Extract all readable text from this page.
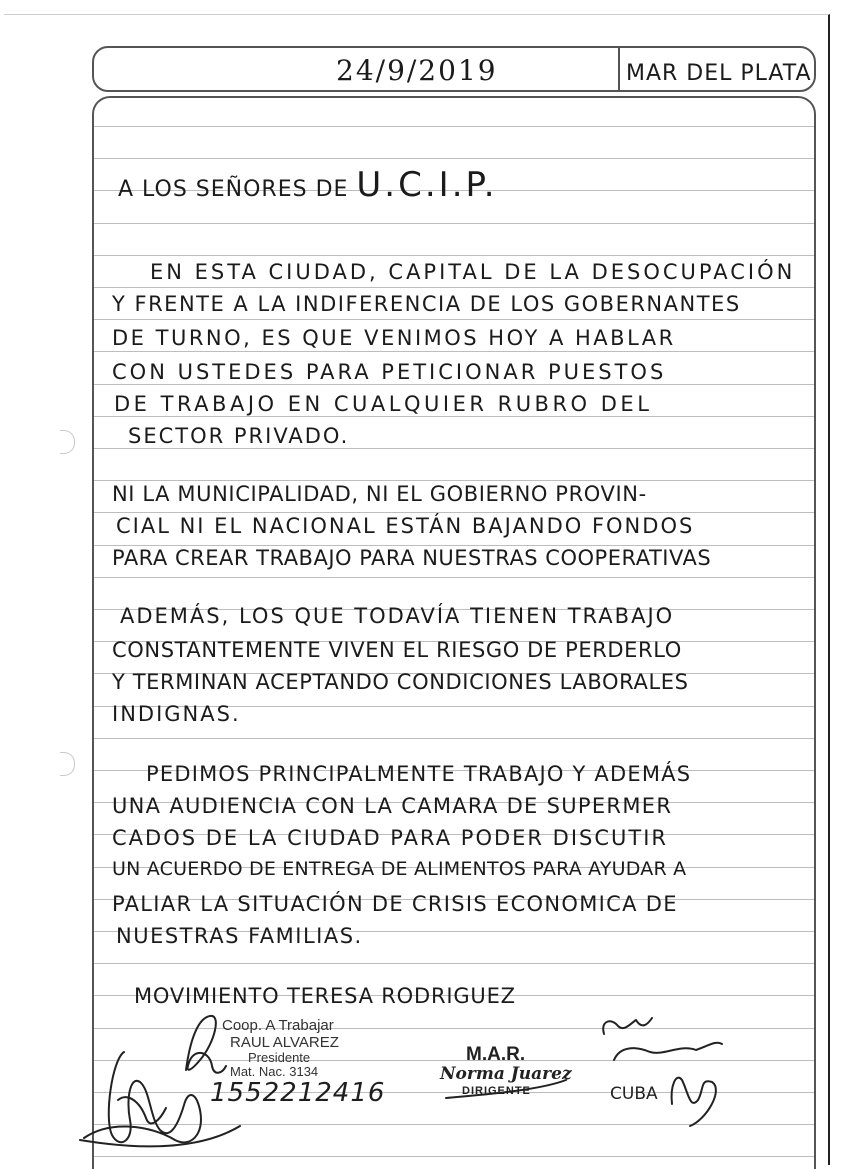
24/9/2019	MAR DEL PLATA
A LOS SEÑORES DE U.C.I.P.
EN ESTA CIUDAD, CAPITAL DE LA DESOCUPACIÓN
Y FRENTE A LA INDIFERENCIA DE LOS GOBERNANTES
DE TURNO, ES QUE VENIMOS HOY A HABLAR
CON USTEDES PARA PETICIONAR PUESTOS
DE TRABAJO EN CUALQUIER RUBRO DEL
SECTOR PRIVADO.
NI LA MUNICIPALIDAD, NI EL GOBIERNO PROVIN-
CIAL NI EL NACIONAL ESTÁN BAJANDO FONDOS
PARA CREAR TRABAJO PARA NUESTRAS COOPERATIVAS
ADEMÁS, LOS QUE TODAVÍA TIENEN TRABAJO
CONSTANTEMENTE VIVEN EL RIESGO DE PERDERLO
Y TERMINAN ACEPTANDO CONDICIONES LABORALES
INDIGNAS.
PEDIMOS PRINCIPALMENTE TRABAJO Y ADEMÁS
UNA AUDIENCIA CON LA CAMARA DE SUPERMER
CADOS DE LA CIUDAD PARA PODER DISCUTIR
UN ACUERDO DE ENTREGA DE ALIMENTOS PARA AYUDAR A
PALIAR LA SITUACIÓN DE CRISIS ECONOMICA DE
NUESTRAS FAMILIAS.
MOVIMIENTO TERESA RODRIGUEZ
Coop. A Trabajar
RAUL ALVAREZ
Presidente
Mat. Nac. 3134
1552212416
M.A.R.
Norma Juarez
DIRIGENTE	CUBA
